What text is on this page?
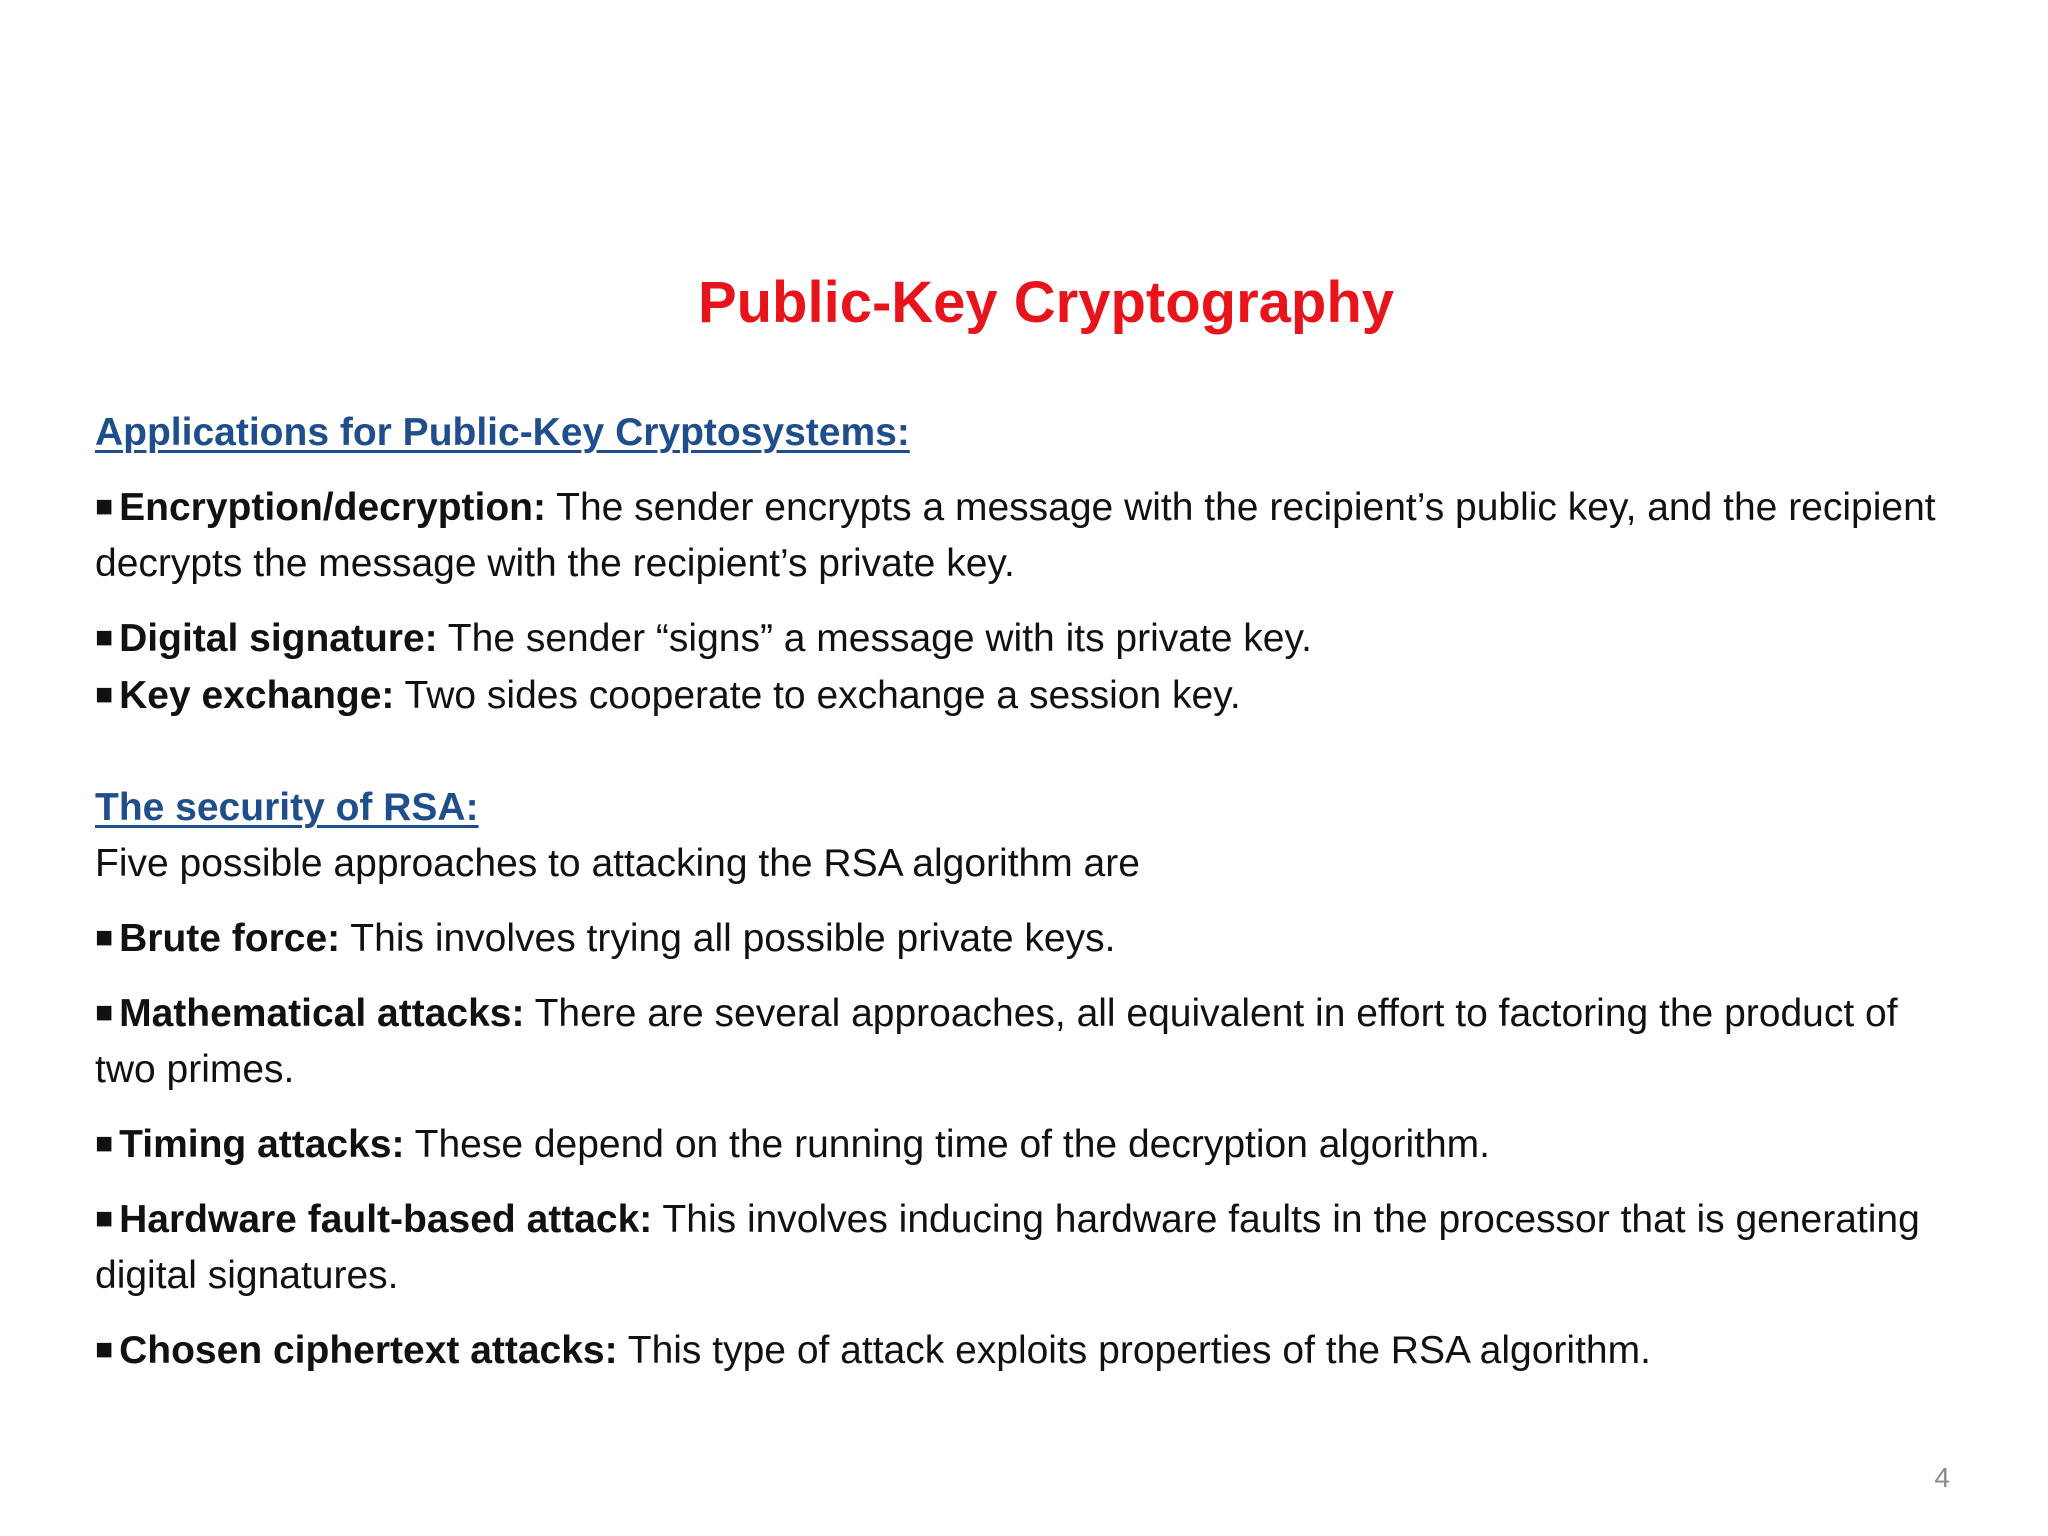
Public-Key Cryptography
Applications for Public-Key Cryptosystems:

■ Encryption/decryption: The sender encrypts a message with the recipient’s public key, and the recipient decrypts the message with the recipient’s private key.

■ Digital signature: The sender “signs” a message with its private key.

■ Key exchange: Two sides cooperate to exchange a session key.

The security of RSA:

Five possible approaches to attacking the RSA algorithm are

■ Brute force: This involves trying all possible private keys.

■ Mathematical attacks: There are several approaches, all equivalent in effort to factoring the product of two primes.

■ Timing attacks: These depend on the running time of the decryption algorithm.

■ Hardware fault-based attack: This involves inducing hardware faults in the processor that is generating digital signatures.

■ Chosen ciphertext attacks: This type of attack exploits properties of the RSA algorithm.

4
